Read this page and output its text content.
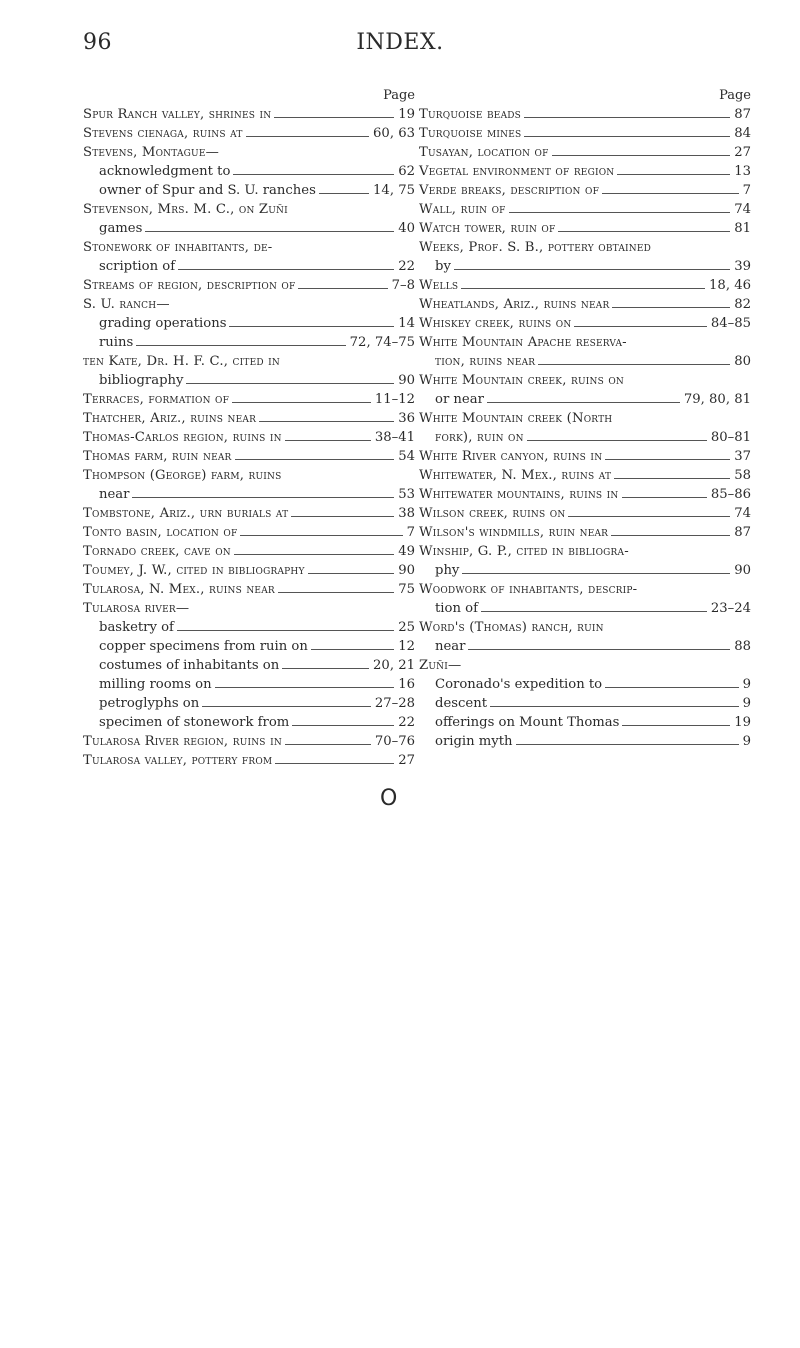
96	INDEX.
Page
Spur Ranch valley, shrines in	19
Stevens cienaga, ruins at	60, 63
Stevens, Montague—
acknowledgment to	62
owner of Spur and S. U. ranches	14, 75
Stevenson, Mrs. M. C., on Zuñi
games	40
Stonework of inhabitants, de-
scription of	22
Streams of region, description of	7–8
S. U. ranch—
grading operations	14
ruins	72, 74–75
ten Kate, Dr. H. F. C., cited in
bibliography	90
Terraces, formation of	11–12
Thatcher, Ariz., ruins near	36
Thomas-Carlos region, ruins in	38–41
Thomas farm, ruin near	54
Thompson (George) farm, ruins
near	53
Tombstone, Ariz., urn burials at	38
Tonto basin, location of	7
Tornado creek, cave on	49
Toumey, J. W., cited in bibliography	90
Tularosa, N. Mex., ruins near	75
Tularosa river—
basketry of	25
copper specimens from ruin on	12
costumes of inhabitants on	20, 21
milling rooms on	16
petroglyphs on	27–28
specimen of stonework from	22
Tularosa River region, ruins in	70–76
Tularosa valley, pottery from	27
Page
Turquoise beads	87
Turquoise mines	84
Tusayan, location of	27
Vegetal environment of region	13
Verde breaks, description of	7
Wall, ruin of	74
Watch tower, ruin of	81
Weeks, Prof. S. B., pottery obtained
by	39
Wells	18, 46
Wheatlands, Ariz., ruins near	82
Whiskey creek, ruins on	84–85
White Mountain Apache reserva-
tion, ruins near	80
White Mountain creek, ruins on
or near	79, 80, 81
White Mountain creek (North
fork), ruin on	80–81
White River canyon, ruins in	37
Whitewater, N. Mex., ruins at	58
Whitewater mountains, ruins in	85–86
Wilson creek, ruins on	74
Wilson's windmills, ruin near	87
Winship, G. P., cited in bibliogra-
phy	90
Woodwork of inhabitants, descrip-
tion of	23–24
Word's (Thomas) ranch, ruin
near	88
Zuñi—
Coronado's expedition to	9
descent	9
offerings on Mount Thomas	19
origin myth	9
O
